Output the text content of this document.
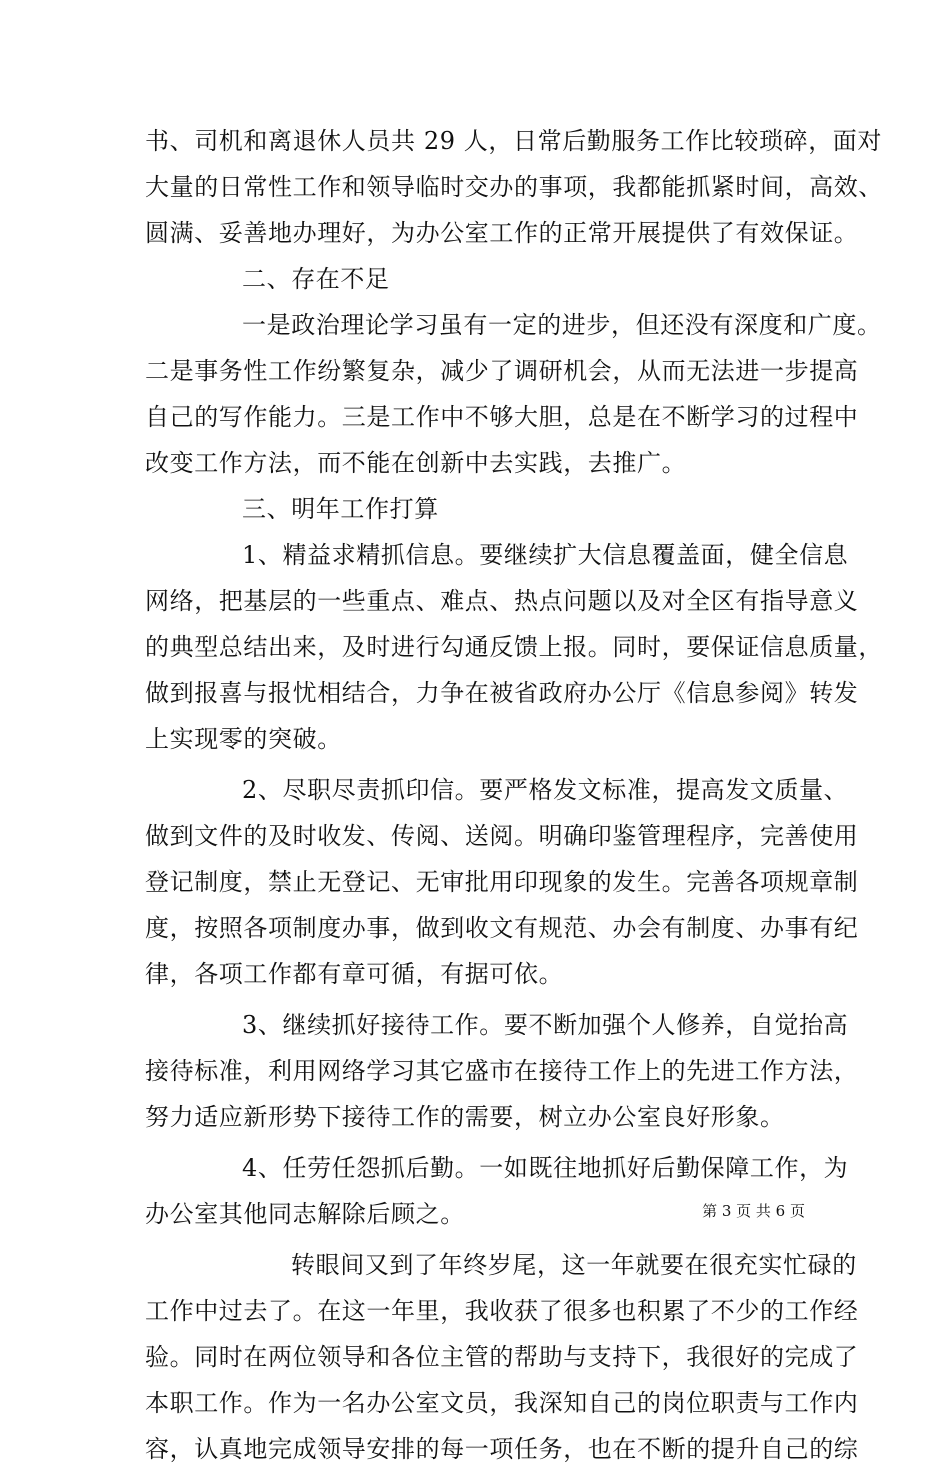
书、司机和离退休人员共 29 人，日常后勤服务工作比较琐碎，面对
大量的日常性工作和领导临时交办的事项，我都能抓紧时间，高效、
圆满、妥善地办理好，为办公室工作的正常开展提供了有效保证。
二、存在不足
一是政治理论学习虽有一定的进步，但还没有深度和广度。
二是事务性工作纷繁复杂，减少了调研机会，从而无法进一步提高
自己的写作能力。三是工作中不够大胆，总是在不断学习的过程中
改变工作方法，而不能在创新中去实践，去推广。
三、明年工作打算
1、精益求精抓信息。要继续扩大信息覆盖面，健全信息
网络，把基层的一些重点、难点、热点问题以及对全区有指导意义
的典型总结出来，及时进行勾通反馈上报。同时，要保证信息质量，
做到报喜与报忧相结合，力争在被省政府办公厅《信息参阅》转发
上实现零的突破。
2、尽职尽责抓印信。要严格发文标准，提高发文质量、
做到文件的及时收发、传阅、送阅。明确印鉴管理程序，完善使用
登记制度，禁止无登记、无审批用印现象的发生。完善各项规章制
度，按照各项制度办事，做到收文有规范、办会有制度、办事有纪
律，各项工作都有章可循，有据可依。
3、继续抓好接待工作。要不断加强个人修养，自觉抬高
接待标准，利用网络学习其它盛市在接待工作上的先进工作方法，
努力适应新形势下接待工作的需要，树立办公室良好形象。
4、任劳任怨抓后勤。一如既往地抓好后勤保障工作，为
办公室其他同志解除后顾之。
转眼间又到了年终岁尾，这一年就要在很充实忙碌的
工作中过去了。在这一年里，我收获了很多也积累了不少的工作经
验。同时在两位领导和各位主管的帮助与支持下，我很好的完成了
本职工作。作为一名办公室文员，我深知自己的岗位职责与工作内
容，认真地完成领导安排的每一项任务，也在不断的提升自己的综
第 3 页 共 6 页
